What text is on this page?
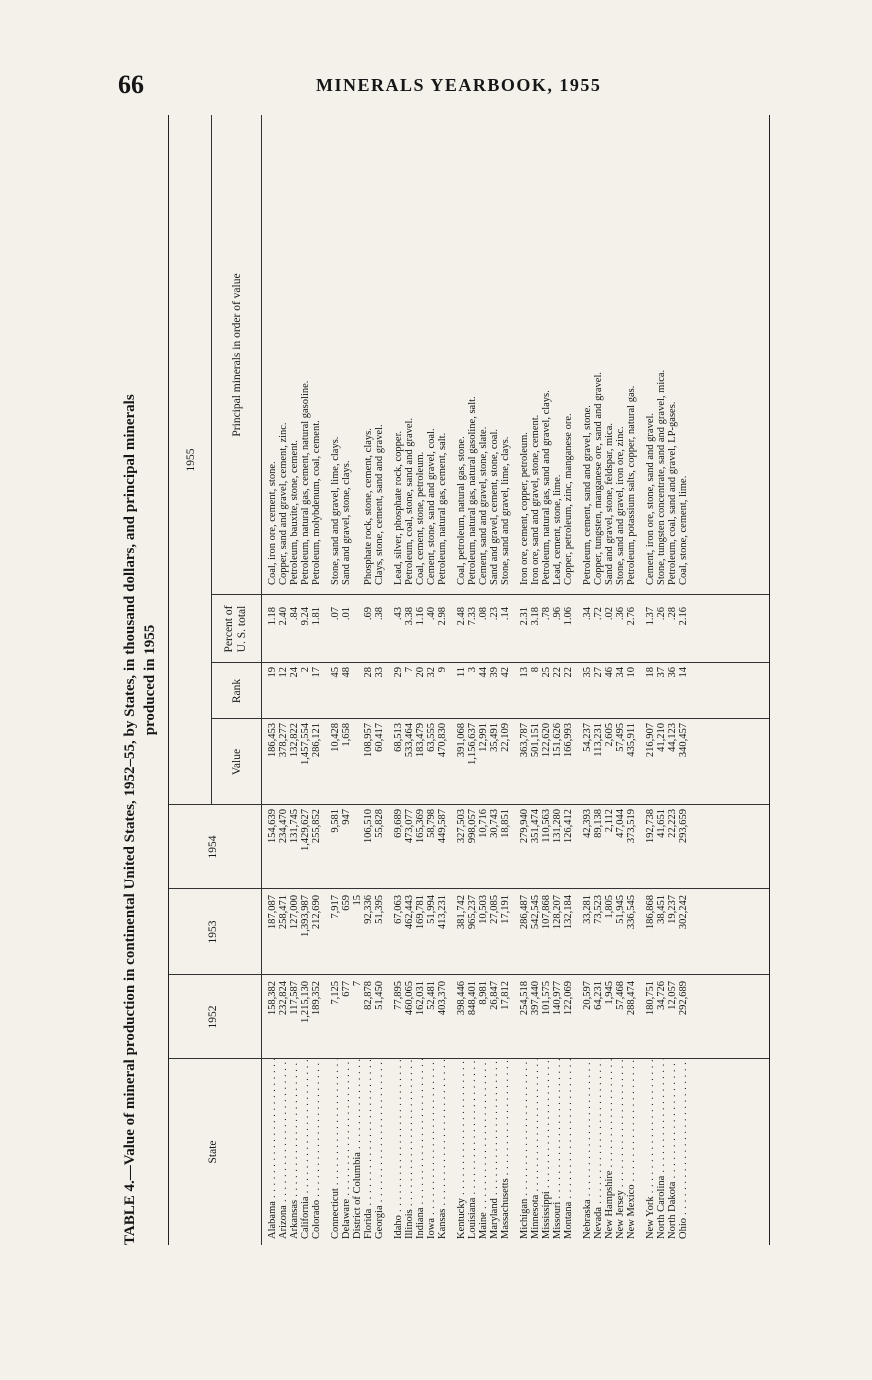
66	MINERALS YEARBOOK, 1955
TABLE 4.—Value of mineral production in continental United States, 1952–55, by States, in thousand dollars, and principal minerals produced in 1955
State
1952
1953
1954
1955
Value
Rank
Percent of U. S. total
Principal minerals in order of value
Alabama . . .
158,382
187,087
154,639
186,453
19
1.18
Coal, iron ore, cement, stone.
Arizona . . .
232,824
258,471
234,470
378,277
12
2.40
Copper, sand and gravel, cement, zinc.
Arkansas . . .
117,587
127,000
131,745
132,822
24
.84
Petroleum, bauxite, stone, cement.
California . . .
1,215,130
1,393,987
1,429,627
1,457,554
2
9.24
Petroleum, natural gas, cement, natural gasoline.
Colorado . . .
189,352
212,690
255,852
286,121
17
1.81
Petroleum, molybdenum, coal, cement.
Connecticut . . .
7,125
7,917
9,581
10,428
45
.07
Stone, sand and gravel, lime, clays.
Delaware . . .
677
659
947
1,658
48
.01
Sand and gravel, stone, clays.
District of Columbia . . .
7
15
Florida . . .
82,878
92,336
106,510
108,957
28
.69
Phosphate rock, stone, cement, clays.
Georgia . . .
51,450
51,395
55,828
60,417
33
.38
Clays, stone, cement, sand and gravel.
Idaho . . .
77,895
67,063
69,689
68,513
29
.43
Lead, silver, phosphate rock, copper.
Illinois . . .
460,065
462,443
473,077
533,464
7
3.38
Petroleum, coal, stone, sand and gravel.
Indiana . . .
162,031
169,781
165,369
183,479
20
1.16
Coal, cement, stone, petroleum.
Iowa . . .
52,481
51,994
58,798
63,555
32
.40
Cement, stone, sand and gravel, coal.
Kansas . . .
403,370
413,231
449,587
470,830
9
2.98
Petroleum, natural gas, cement, salt.
Kentucky . . .
398,446
381,742
327,503
391,068
11
2.48
Coal, petroleum, natural gas, stone.
Louisiana . . .
848,401
965,237
998,057
1,156,637
3
7.33
Petroleum, natural gas, natural gasoline, salt.
Maine . . .
8,981
10,503
10,716
12,991
44
.08
Cement, sand and gravel, stone, slate.
Maryland . . .
26,847
27,085
30,743
35,491
39
.23
Sand and gravel, cement, stone, coal.
Massachusetts . . .
17,812
17,191
18,851
22,109
42
.14
Stone, sand and gravel, lime, clays.
Michigan . . .
254,518
286,487
279,940
363,787
13
2.31
Iron ore, cement, copper, petroleum.
Minnesota . . .
397,440
542,545
351,474
501,151
8
3.18
Iron ore, sand and gravel, stone, cement.
Mississippi . . .
101,575
107,868
110,563
122,620
25
.78
Petroleum, natural gas, sand and gravel, clays.
Missouri . . .
140,977
128,207
131,280
151,626
22
.96
Lead, cement, stone, lime.
Montana . . .
122,069
132,184
126,412
166,993
22
1.06
Copper, petroleum, zinc, manganese ore.
Nebraska . . .
20,597
33,281
42,393
54,237
35
.34
Petroleum, cement, sand and gravel, stone.
Nevada . . .
64,231
73,523
89,138
113,231
27
.72
Copper, tungsten, manganese ore, sand and gravel.
New Hampshire . . .
1,945
1,805
2,112
2,605
46
.02
Sand and gravel, stone, feldspar, mica.
New Jersey . . .
57,468
51,945
47,044
57,495
34
.36
Stone, sand and gravel, iron ore, zinc.
New Mexico . . .
288,474
336,545
373,519
435,911
10
2.76
Petroleum, potassium salts, copper, natural gas.
New York . . .
180,751
186,868
192,738
216,907
18
1.37
Cement, iron ore, stone, sand and gravel.
North Carolina . . .
34,726
38,451
41,651
41,210
37
.26
Stone, tungsten concentrate, sand and gravel, mica.
North Dakota . . .
12,057
19,237
22,223
44,123
36
.28
Petroleum, coal, sand and gravel, LP-gases.
Ohio . . .
292,689
302,242
293,659
340,457
14
2.16
Coal, stone, cement, lime.
